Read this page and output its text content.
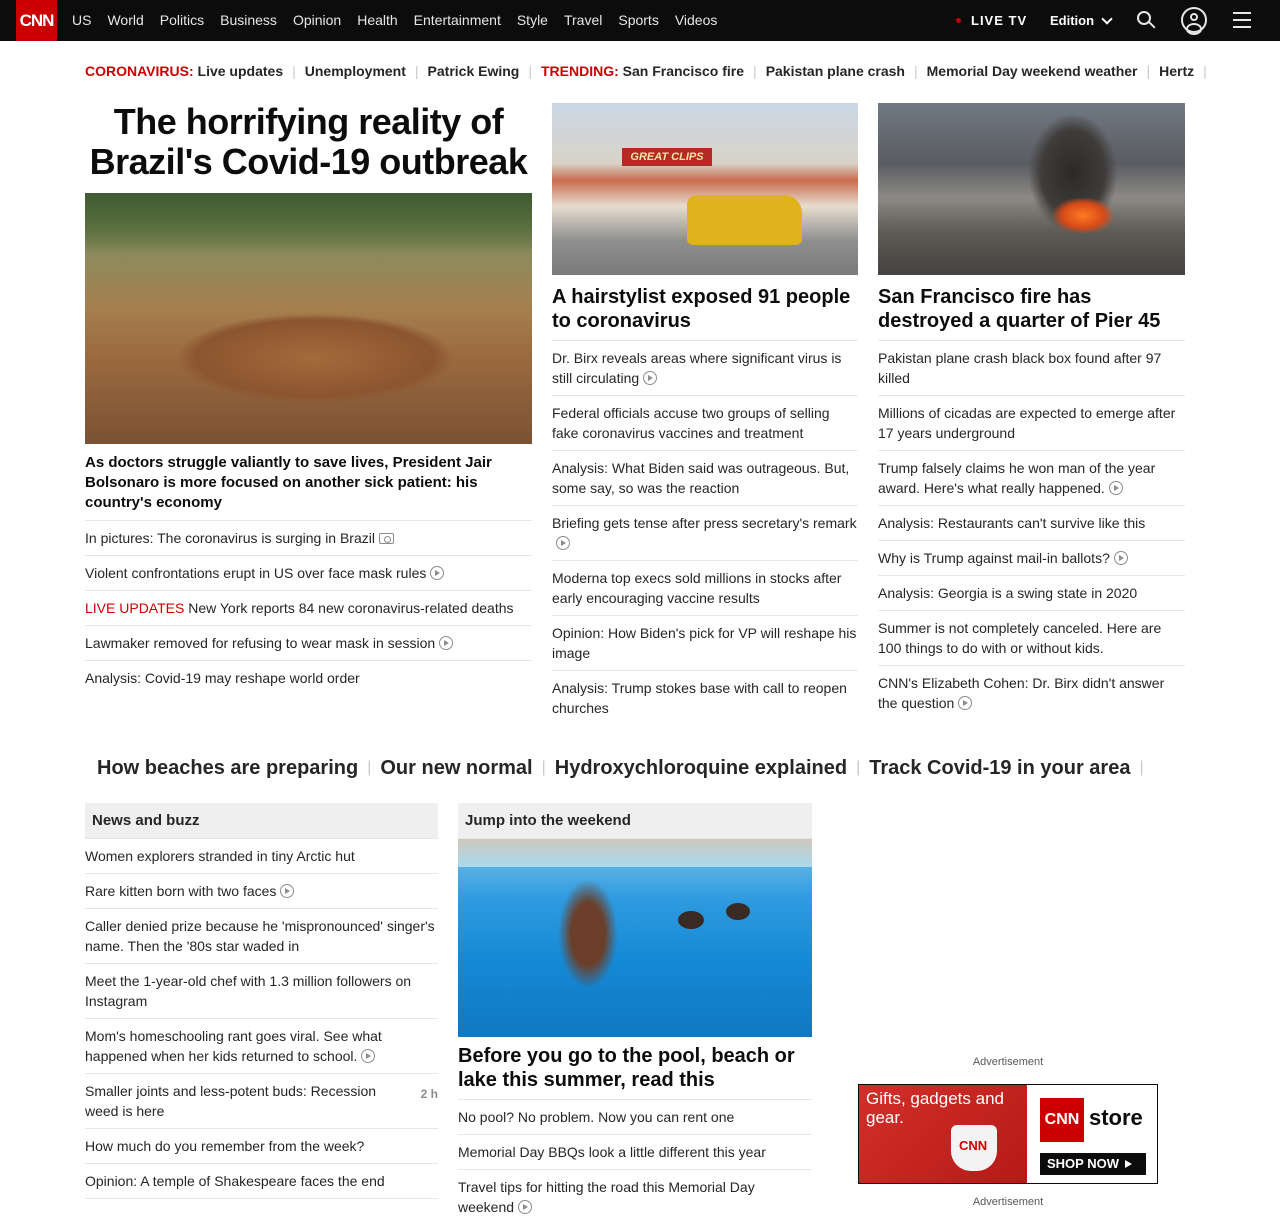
CNN	US	World	Politics	Business	Opinion	Health	Entertainment	Style	Travel	Sports	Videos	LIVE TV Edition
CORONAVIRUS:
Live updates | Unemployment | Patrick Ewing | TRENDING:
San Francisco fire | Pakistan plane crash | Memorial Day weekend weather | Hertz |
The horrifying reality of Brazil's Covid-19 outbreak
As doctors struggle valiantly to save lives, President Jair Bolsonaro is more focused on another sick patient: his country's economy
In pictures: The coronavirus is surging in Brazil
Violent confrontations erupt in US over face mask rules
LIVE UPDATES New York reports 84 new coronavirus-related deaths
Lawmaker removed for refusing to wear mask in session
Analysis: Covid-19 may reshape world order
GREAT CLIPS
A hairstylist exposed 91 people to coronavirus
Dr. Birx reveals areas where significant virus is still circulating
Federal officials accuse two groups of selling fake coronavirus vaccines and treatment
Analysis: What Biden said was outrageous. But, some say, so was the reaction
Briefing gets tense after press secretary's remark
Moderna top execs sold millions in stocks after early encouraging vaccine results
Opinion: How Biden's pick for VP will reshape his image
Analysis: Trump stokes base with call to reopen churches
San Francisco fire has destroyed a quarter of Pier 45
Pakistan plane crash black box found after 97 killed
Millions of cicadas are expected to emerge after 17 years underground
Trump falsely claims he won man of the year award. Here's what really happened.
Analysis: Restaurants can't survive like this
Why is Trump against mail-in ballots?
Analysis: Georgia is a swing state in 2020
Summer is not completely canceled. Here are 100 things to do with or without kids.
CNN's Elizabeth Cohen: Dr. Birx didn't answer the question
How beaches are preparing | Our new normal | Hydroxychloroquine explained | Track Covid-19 in your area |
News and buzz
Women explorers stranded in tiny Arctic hut
Rare kitten born with two faces
Caller denied prize because he 'mispronounced' singer's name. Then the '80s star waded in
Meet the 1-year-old chef with 1.3 million followers on Instagram
Mom's homeschooling rant goes viral. See what happened when her kids returned to school.
Smaller joints and less-potent buds: Recession weed is here
2 h
How much do you remember from the week?
Opinion: A temple of Shakespeare faces the end
Jump into the weekend
Before you go to the pool, beach or lake this summer, read this
No pool? No problem. Now you can rent one
Memorial Day BBQs look a little different this year
Travel tips for hitting the road this Memorial Day weekend
Advertisement
Gifts, gadgets and gear.
CNN
CNN store
SHOP NOW
Advertisement
